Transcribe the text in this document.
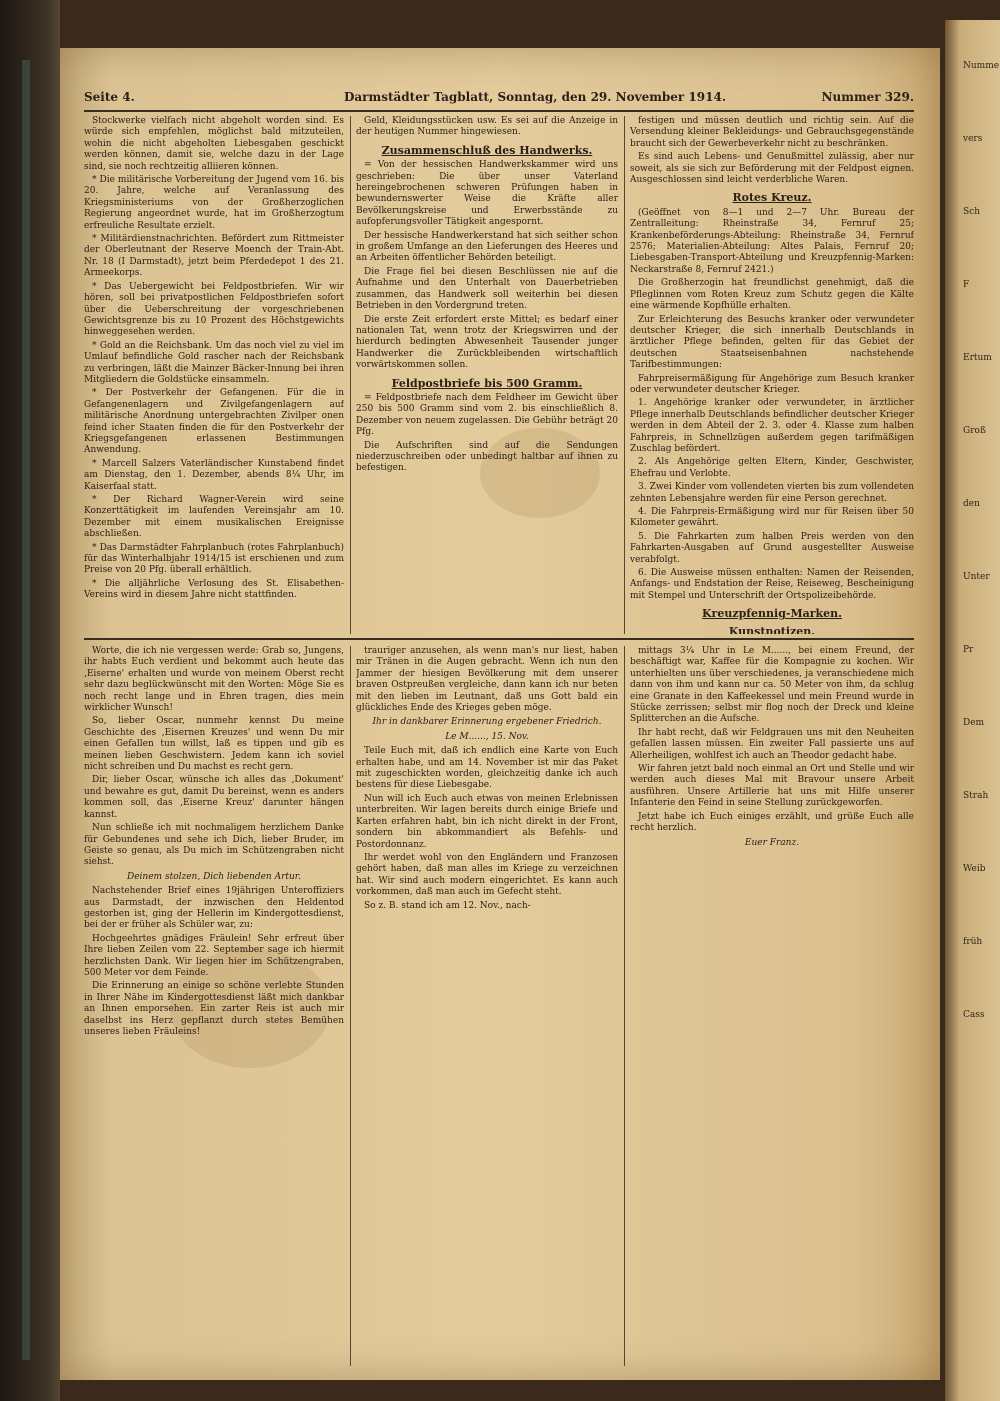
Seite 4.	Darmstädter Tagblatt, Sonntag, den 29. November 1914.	Nummer 329.

Stockwerke vielfach nicht abgeholt worden sind. Es würde sich empfehlen, möglichst bald mitzuteilen, wohin die nicht abgeholten Liebesgaben geschickt werden können, damit sie, welche dazu in der Lage sind, sie noch rechtzeitig alliieren können.

* Die militärische Vorbereitung der Jugend vom 16. bis 20. Jahre, welche auf Veranlassung des Kriegsministeriums von der Großherzoglichen Regierung angeordnet wurde, hat im Großherzogtum erfreuliche Resultate erzielt.

* Militärdienstnachrichten. Befördert zum Rittmeister der Oberleutnant der Reserve Moench der Train-Abt. Nr. 18 (I Darmstadt), jetzt beim Pferdedepot 1 des 21. Armeekorps.

* Das Uebergewicht bei Feldpostbriefen. Wir wir hören, soll bei privatpostlichen Feldpostbriefen sofort über die Ueberschreitung der vorgeschriebenen Gewichtsgrenze bis zu 10 Prozent des Höchstgewichts hinweggesehen werden.

* Gold an die Reichsbank. Um das noch viel zu viel im Umlauf befindliche Gold rascher nach der Reichsbank zu verbringen, läßt die Mainzer Bäcker-Innung bei ihren Mitgliedern die Goldstücke einsammeln.

* Der Postverkehr der Gefangenen. Für die in Gefangenenlagern und Zivilgefangenlagern auf militärische Anordnung untergebrachten Zivilper onen feind icher Staaten finden die für den Postverkehr der Kriegsgefangenen erlassenen Bestimmungen Anwendung.

* Marcell Salzers Vaterländischer Kunstabend findet am Dienstag, den 1. Dezember, abends 8¼ Uhr, im Kaiserfaal statt.

* Der Richard Wagner-Verein wird seine Konzerttätigkeit im laufenden Vereinsjahr am 10. Dezember mit einem musikalischen Ereignisse abschließen.

* Das Darmstädter Fahrplanbuch (rotes Fahrplanbuch) für das Winterhalbjahr 1914/15 ist erschienen und zum Preise von 20 Pfg. überall erhältlich.

* Die alljährliche Verlosung des St. Elisabethen-Vereins wird in diesem Jahre nicht stattfinden.

Geld, Kleidungsstücken usw. Es sei auf die Anzeige in der heutigen Nummer hingewiesen.

Zusammenschluß des Handwerks.

= Von der hessischen Handwerkskammer wird uns geschrieben: Die über unser Vaterland hereingebrochenen schweren Prüfungen haben in bewundernswerter Weise die Kräfte aller Bevölkerungskreise und Erwerbsstände zu aufopferungsvoller Tätigkeit angespornt.

Der hessische Handwerkerstand hat sich seither schon in großem Umfange an den Lieferungen des Heeres und an Arbeiten öffentlicher Behörden beteiligt.

Die Frage fiel bei diesen Beschlüssen nie auf die Aufnahme und den Unterhalt von Dauerbetrieben zusammen, das Handwerk soll weiterhin bei diesen Betrieben in den Vordergrund treten.

Die erste Zeit erfordert erste Mittel; es bedarf einer nationalen Tat, wenn trotz der Kriegswirren und der hierdurch bedingten Abwesenheit Tausender junger Handwerker die Zurückbleibenden wirtschaftlich vorwärtskommen sollen.

Feldpostbriefe bis 500 Gramm.

= Feldpostbriefe nach dem Feldheer im Gewicht über 250 bis 500 Gramm sind vom 2. bis einschließlich 8. Dezember von neuem zugelassen. Die Gebühr beträgt 20 Pfg.

Die Aufschriften sind auf die Sendungen niederzuschreiben oder unbedingt haltbar auf ihnen zu befestigen.

festigen und müssen deutlich und richtig sein. Auf die Versendung kleiner Bekleidungs- und Gebrauchsgegenstände braucht sich der Gewerbeverkehr nicht zu beschränken.

Es sind auch Lebens- und Genußmittel zulässig, aber nur soweit, als sie sich zur Beförderung mit der Feldpost eignen. Ausgeschlossen sind leicht verderbliche Waren.

Rotes Kreuz.

(Geöffnet von 8—1 und 2—7 Uhr. Bureau der Zentralleitung: Rheinstraße 34, Fernruf 25; Krankenbeförderungs-Abteilung: Rheinstraße 34, Fernruf 2576; Materialien-Abteilung: Altes Palais, Fernruf 20; Liebesgaben-Transport-Abteilung und Kreuzpfennig-Marken: Neckarstraße 8, Fernruf 2421.)

Die Großherzogin hat freundlichst genehmigt, daß die Pfleglinnen vom Roten Kreuz zum Schutz gegen die Kälte eine wärmende Kopfhülle erhalten.

Zur Erleichterung des Besuchs kranker oder verwundeter deutscher Krieger, die sich innerhalb Deutschlands in ärztlicher Pflege befinden, gelten für das Gebiet der deutschen Staatseisenbahnen nachstehende Tarifbestimmungen:

Fahrpreisermäßigung für Angehörige zum Besuch kranker oder verwundeter deutscher Krieger.

1. Angehörige kranker oder verwundeter, in ärztlicher Pflege innerhalb Deutschlands befindlicher deutscher Krieger werden in dem Abteil der 2. 3. oder 4. Klasse zum halben Fahrpreis, in Schnellzügen außerdem gegen tarifmäßigen Zuschlag befördert.

2. Als Angehörige gelten Eltern, Kinder, Geschwister, Ehefrau und Verlobte.

3. Zwei Kinder vom vollendeten vierten bis zum vollendeten zehnten Lebensjahre werden für eine Person gerechnet.

4. Die Fahrpreis-Ermäßigung wird nur für Reisen über 50 Kilometer gewährt.

5. Die Fahrkarten zum halben Preis werden von den Fahrkarten-Ausgaben auf Grund ausgestellter Ausweise verabfolgt.

6. Die Ausweise müssen enthalten: Namen der Reisenden, Anfangs- und Endstation der Reise, Reiseweg, Bescheinigung mit Stempel und Unterschrift der Ortspolizeibehörde.

Kreuzpfennig-Marken.
Kunstnotizen.

Worte, die ich nie vergessen werde: Grab so, Jungens, ihr habts Euch verdient und bekommt auch heute das ‚Eiserne' erhalten und wurde von meinem Oberst recht sehr dazu beglückwünscht mit den Worten: Möge Sie es noch recht lange und in Ehren tragen, dies mein wirklicher Wunsch!

So, lieber Oscar, nunmehr kennst Du meine Geschichte des ‚Eisernen Kreuzes' und wenn Du mir einen Gefallen tun willst, laß es tippen und gib es meinen lieben Geschwistern. Jedem kann ich soviel nicht schreiben und Du machst es recht gern.

Dir, lieber Oscar, wünsche ich alles das ‚Dokument' und bewahre es gut, damit Du bereinst, wenn es anders kommen soll, das ‚Eiserne Kreuz' darunter hängen kannst.

Nun schließe ich mit nochmaligem herzlichem Danke für Gebundenes und sehe ich Dich, lieber Bruder, im Geiste so genau, als Du mich im Schützengraben nicht siehst.

Deinem stolzen, Dich liebenden Artur.

Nachstehender Brief eines 19jährigen Unteroffiziers aus Darmstadt, der inzwischen den Heldentod gestorben ist, ging der Hellerin im Kindergottesdienst, bei der er früher als Schüler war, zu:

Hochgeehrtes gnädiges Fräulein! Sehr erfreut über Ihre lieben Zeilen vom 22. September sage ich hiermit herzlichsten Dank. Wir liegen hier im Schützengraben, 500 Meter vor dem Feinde.

Die Erinnerung an einige so schöne verlebte Stunden in Ihrer Nähe im Kindergottesdienst läßt mich dankbar an Ihnen emporsehen. Ein zarter Reis ist auch mir daselbst ins Herz gepflanzt durch stetes Bemühen unseres lieben Fräuleins!

trauriger anzusehen, als wenn man's nur liest, haben mir Tränen in die Augen gebracht. Wenn ich nun den Jammer der hiesigen Bevölkerung mit dem unserer braven Ostpreußen vergleiche, dann kann ich nur beten mit den lieben im Leutnant, daß uns Gott bald ein glückliches Ende des Krieges geben möge.

Ihr in dankbarer Erinnerung ergebener Friedrich.
Le M......, 15. Nov.

Teile Euch mit, daß ich endlich eine Karte von Euch erhalten habe, und am 14. November ist mir das Paket mit zugeschickten worden, gleichzeitig danke ich auch bestens für diese Liebesgabe.

Nun will ich Euch auch etwas von meinen Erlebnissen unterbreiten. Wir lagen bereits durch einige Briefe und Karten erfahren habt, bin ich nicht direkt in der Front, sondern bin abkommandiert als Befehls- und Postordonnanz.

Ihr werdet wohl von den Engländern und Franzosen gehört haben, daß man alles im Kriege zu verzeichnen hat. Wir sind auch modern eingerichtet. Es kann auch vorkommen, daß man auch im Gefecht steht.

So z. B. stand ich am 12. Nov., nach-

mittags 3¼ Uhr in Le M......, bei einem Freund, der beschäftigt war, Kaffee für die Kompagnie zu kochen. Wir unterhielten uns über verschiedenes, ja veranschiedene mich dann von ihm und kann nur ca. 50 Meter von ihm, da schlug eine Granate in den Kaffeekessel und mein Freund wurde in Stücke zerrissen; selbst mir flog noch der Dreck und kleine Splitterchen an die Aufsche.

Ihr habt recht, daß wir Feldgrauen uns mit den Neuheiten gefallen lassen müssen. Ein zweiter Fall passierte uns auf Allerheiligen, wohlfest ich auch an Theodor gedacht habe.

Wir fahren jetzt bald noch einmal an Ort und Stelle und wir werden auch dieses Mal mit Bravour unsere Arbeit ausführen. Unsere Artillerie hat uns mit Hilfe unserer Infanterie den Feind in seine Stellung zurückgeworfen.

Jetzt habe ich Euch einiges erzählt, und grüße Euch alle recht herzlich.

Euer Franz.
Numme
vers
Sch
F
Ertum
Groß
den
Unter
Pr
Dem
Strah
Weib
früh
Cass
